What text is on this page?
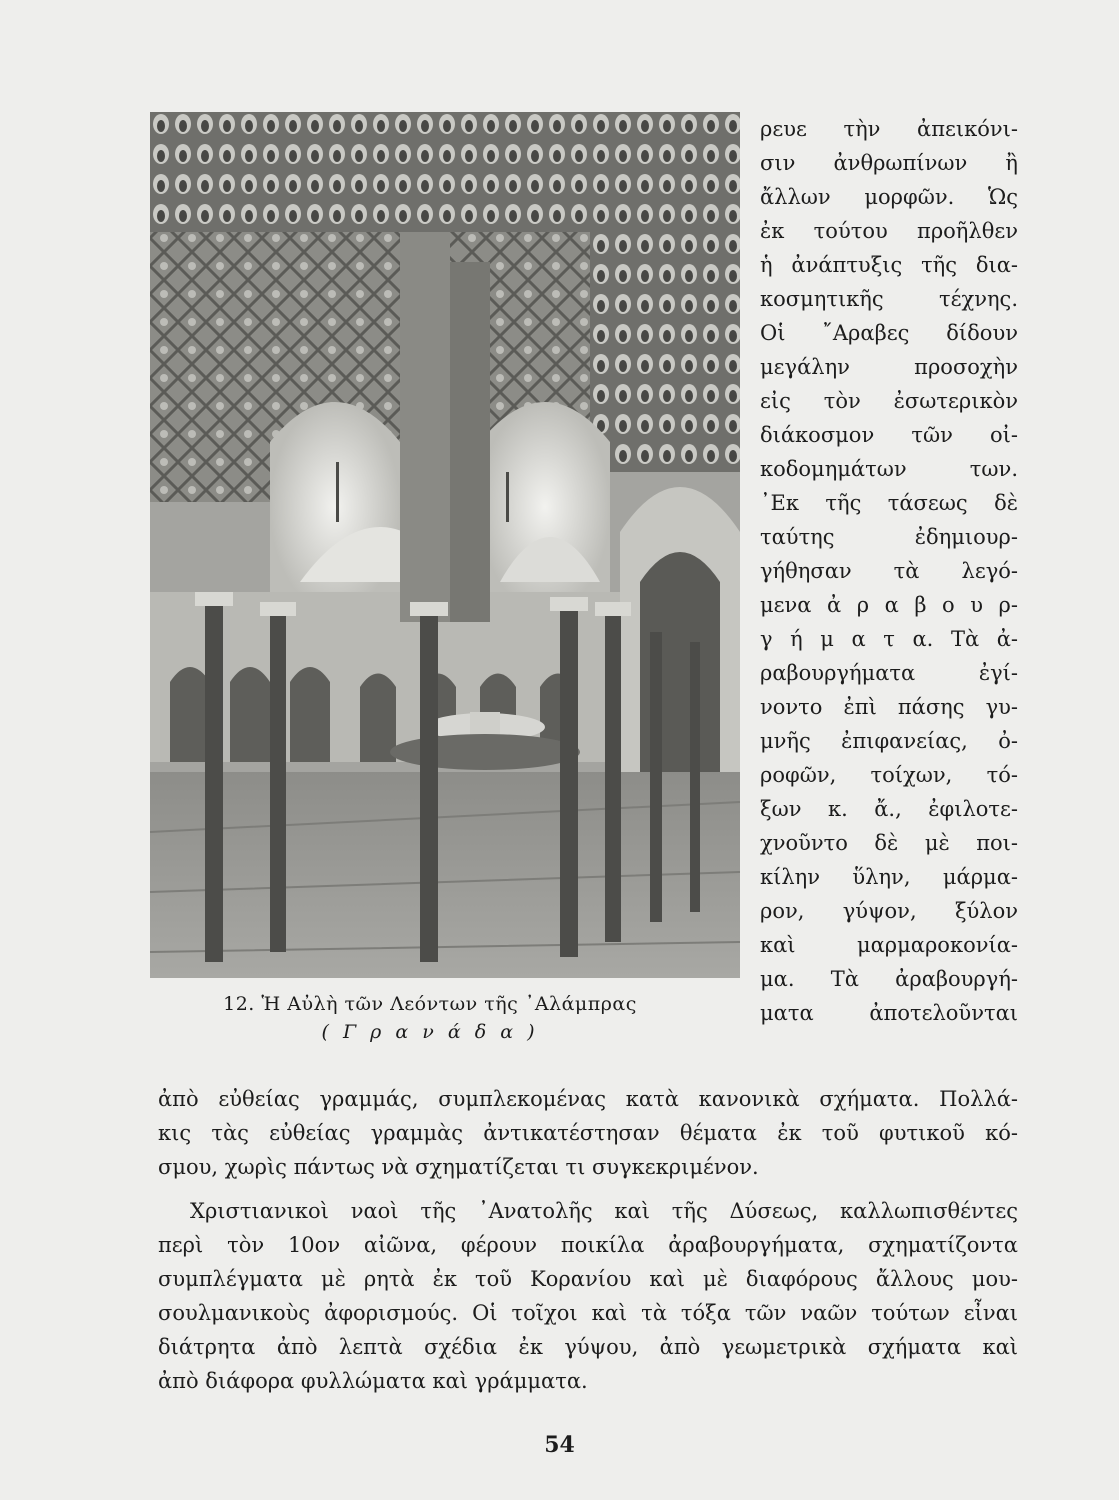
12. Ἡ Αὐλὴ τῶν Λεόντων τῆς ᾿Αλάμπρας
( Γ ρ α ν ά δ α )
ρευε τὴν ἀπεικόνι-
σιν ἀνθρωπίνων ἢ
ἄλλων μορφῶν. Ὡς
ἐκ τούτου προῆλθεν
ἡ ἀνάπτυξις τῆς δια-
κοσμητικῆς τέχνης.
Οἱ ῎Αραβες δίδουν
μεγάλην προσοχὴν
εἰς τὸν ἐσωτερικὸν
διάκοσμον τῶν οἰ-
κοδομημάτων των.
᾿Εκ τῆς τάσεως δὲ
ταύτης ἐδημιουρ-
γήθησαν τὰ λεγό-
μενα ἀ ρ α β ο υ ρ-
γ ή μ α τ α. Τὰ ἀ-
ραβουργήματα ἐγί-
νοντο ἐπὶ πάσης γυ-
μνῆς ἐπιφανείας, ὀ-
ροφῶν, τοίχων, τό-
ξων κ. ἄ., ἐφιλοτε-
χνοῦντο δὲ μὲ ποι-
κίλην ὕλην, μάρμα-
ρον, γύψον, ξύλον
καὶ μαρμαροκονία-
μα. Τὰ ἀραβουργή-
ματα ἀποτελοῦνται
ἀπὸ εὐθείας γραμμάς, συμπλεκομένας κατὰ κανονικὰ σχήματα. Πολλά-
κις τὰς εὐθείας γραμμὰς ἀντικατέστησαν θέματα ἐκ τοῦ φυτικοῦ κό-
σμου, χωρὶς πάντως νὰ σχηματίζεται τι συγκεκριμένον.
Χριστιανικοὶ ναοὶ τῆς ᾿Ανατολῆς καὶ τῆς Δύσεως, καλλωπισθέντες
περὶ τὸν 10ον αἰῶνα, φέρουν ποικίλα ἀραβουργήματα, σχηματίζοντα
συμπλέγματα μὲ ρητὰ ἐκ τοῦ Κορανίου καὶ μὲ διαφόρους ἄλλους μου-
σουλμανικοὺς ἀφορισμούς. Οἱ τοῖχοι καὶ τὰ τόξα τῶν ναῶν τούτων εἶναι
διάτρητα ἀπὸ λεπτὰ σχέδια ἐκ γύψου, ἀπὸ γεωμετρικὰ σχήματα καὶ
ἀπὸ διάφορα φυλλώματα καὶ γράμματα.
54
